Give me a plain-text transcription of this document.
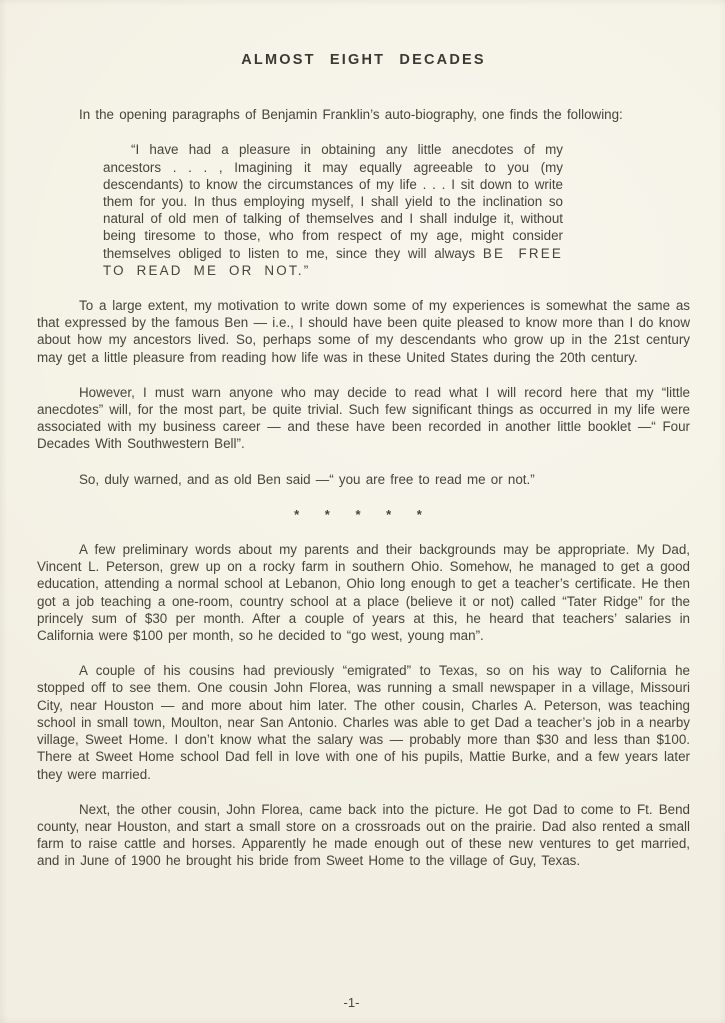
ALMOST EIGHT DECADES

In the opening paragraphs of Benjamin Franklin’s auto-biography, one finds the following:

“I have had a pleasure in obtaining any little anecdotes of my ancestors . . . , Imagining it may equally agreeable to you (my descendants) to know the circumstances of my life . . . I sit down to write them for you. In thus employing myself, I shall yield to the inclination so natural of old men of talking of themselves and I shall indulge it, without being tiresome to those, who from respect of my age, might consider themselves obliged to listen to me, since they will always BE FREE TO READ ME OR NOT.”

To a large extent, my motivation to write down some of my experiences is somewhat the same as that expressed by the famous Ben — i.e., I should have been quite pleased to know more than I do know about how my ancestors lived. So, perhaps some of my descendants who grow up in the 21st century may get a little pleasure from reading how life was in these United States during the 20th century.

However, I must warn anyone who may decide to read what I will record here that my “little anecdotes” will, for the most part, be quite trivial. Such few significant things as occurred in my life were associated with my business career — and these have been recorded in another little booklet —“ Four Decades With Southwestern Bell”.

So, duly warned, and as old Ben said —“ you are free to read me or not.”

* * * * *

A few preliminary words about my parents and their backgrounds may be appropriate. My Dad, Vincent L. Peterson, grew up on a rocky farm in southern Ohio. Somehow, he managed to get a good education, attending a normal school at Lebanon, Ohio long enough to get a teacher’s certificate. He then got a job teaching a one-room, country school at a place (believe it or not) called “Tater Ridge” for the princely sum of $30 per month. After a couple of years at this, he heard that teachers’ salaries in California were $100 per month, so he decided to “go west, young man”.

A couple of his cousins had previously “emigrated” to Texas, so on his way to California he stopped off to see them. One cousin John Florea, was running a small newspaper in a village, Missouri City, near Houston — and more about him later. The other cousin, Charles A. Peterson, was teaching school in small town, Moulton, near San Antonio. Charles was able to get Dad a teacher’s job in a nearby village, Sweet Home. I don’t know what the salary was — probably more than $30 and less than $100. There at Sweet Home school Dad fell in love with one of his pupils, Mattie Burke, and a few years later they were married.

Next, the other cousin, John Florea, came back into the picture. He got Dad to come to Ft. Bend county, near Houston, and start a small store on a crossroads out on the prairie. Dad also rented a small farm to raise cattle and horses. Apparently he made enough out of these new ventures to get married, and in June of 1900 he brought his bride from Sweet Home to the village of Guy, Texas.

-1-
